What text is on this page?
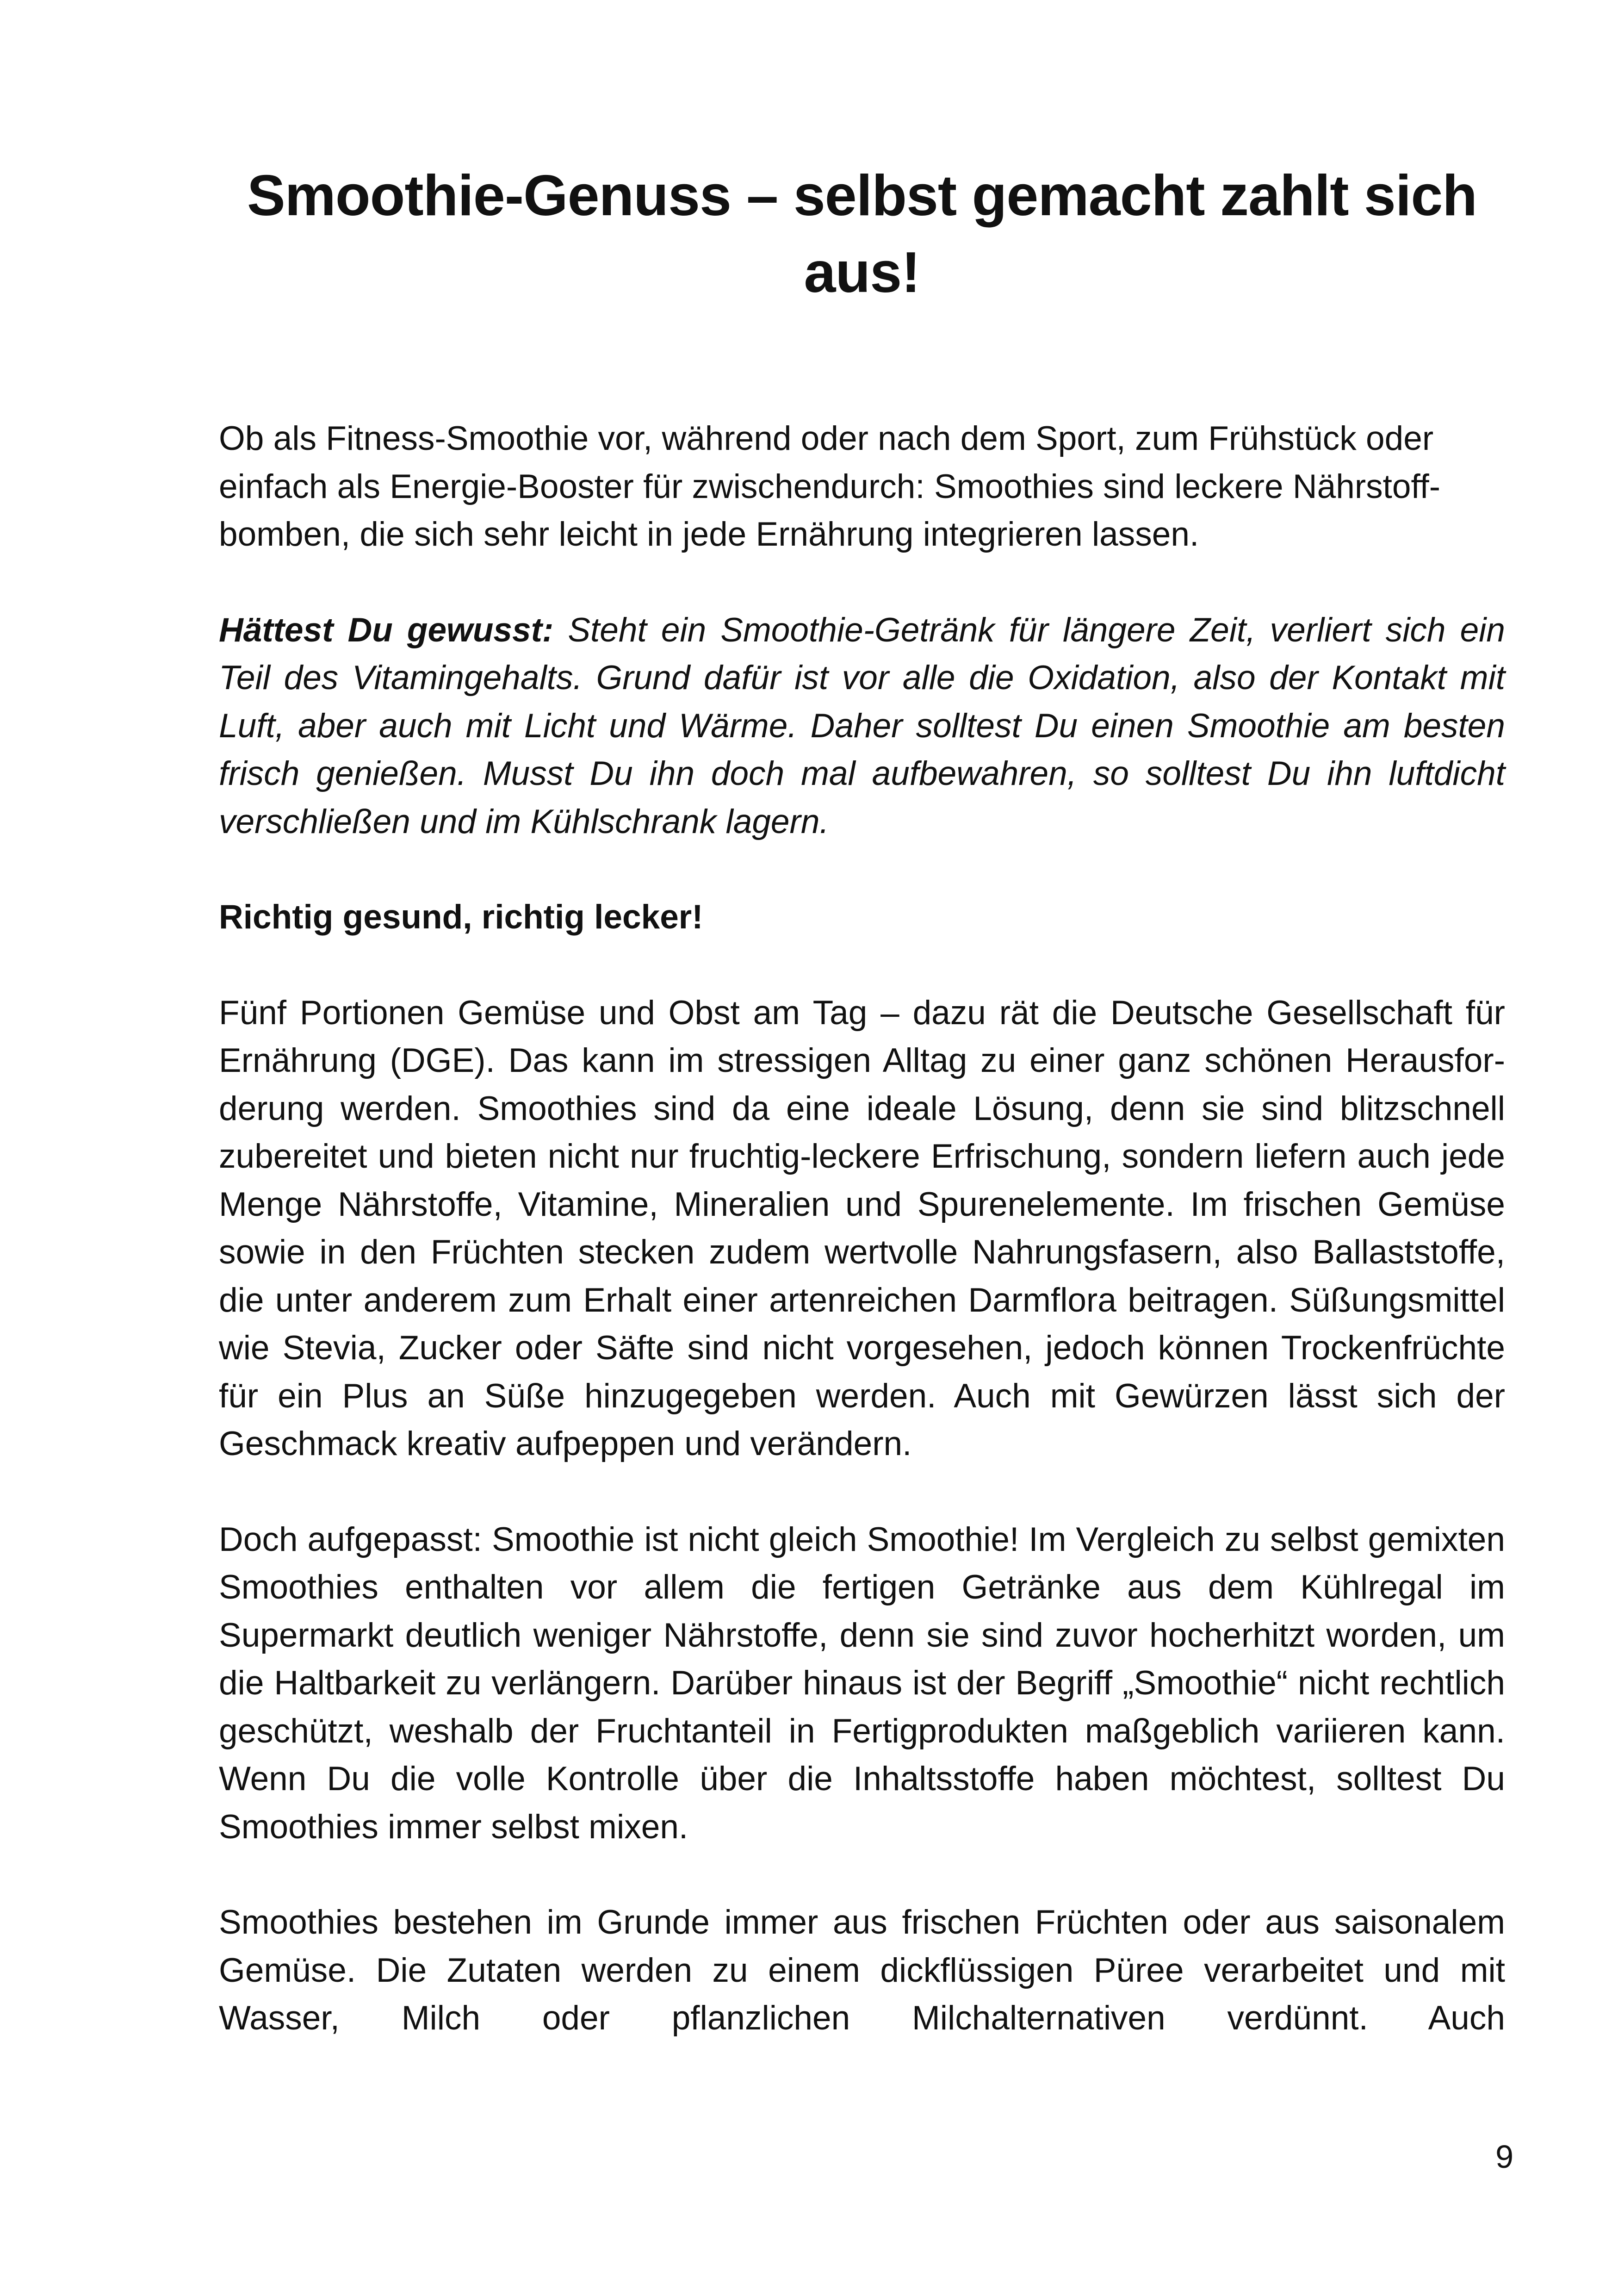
Smoothie-Genuss – selbst gemacht zahlt sich aus!

Ob als Fitness-Smoothie vor, während oder nach dem Sport, zum Frühstück oder einfach als Energie-Booster für zwischendurch: Smoothies sind leckere Nährstoffbomben, die sich sehr leicht in jede Ernährung integrieren lassen.

Hättest Du gewusst: Steht ein Smoothie-Getränk für längere Zeit, verliert sich ein Teil des Vitamingehalts. Grund dafür ist vor alle die Oxidation, also der Kontakt mit Luft, aber auch mit Licht und Wärme. Daher solltest Du einen Smoothie am besten frisch genießen. Musst Du ihn doch mal aufbewahren, so solltest Du ihn luftdicht verschließen und im Kühlschrank lagern.

Richtig gesund, richtig lecker!

Fünf Portionen Gemüse und Obst am Tag – dazu rät die Deutsche Gesellschaft für Ernährung (DGE). Das kann im stressigen Alltag zu einer ganz schönen Herausforderung werden. Smoothies sind da eine ideale Lösung, denn sie sind blitzschnell zubereitet und bieten nicht nur fruchtig-leckere Erfrischung, sondern liefern auch jede Menge Nährstoffe, Vitamine, Mineralien und Spurenelemente. Im frischen Gemüse sowie in den Früchten stecken zudem wertvolle Nahrungsfasern, also Ballaststoffe, die unter anderem zum Erhalt einer artenreichen Darmflora beitragen. Süßungsmittel wie Stevia, Zucker oder Säfte sind nicht vorgesehen, jedoch können Trockenfrüchte für ein Plus an Süße hinzugegeben werden. Auch mit Gewürzen lässt sich der Geschmack kreativ aufpeppen und verändern.

Doch aufgepasst: Smoothie ist nicht gleich Smoothie! Im Vergleich zu selbst gemixten Smoothies enthalten vor allem die fertigen Getränke aus dem Kühlregal im Supermarkt deutlich weniger Nährstoffe, denn sie sind zuvor hocherhitzt worden, um die Haltbarkeit zu verlängern. Darüber hinaus ist der Begriff „Smoothie“ nicht rechtlich geschützt, weshalb der Fruchtanteil in Fertigprodukten maßgeblich variieren kann. Wenn Du die volle Kontrolle über die Inhaltsstoffe haben möchtest, solltest Du Smoothies immer selbst mixen.

Smoothies bestehen im Grunde immer aus frischen Früchten oder aus saisonalem Gemüse. Die Zutaten werden zu einem dickflüssigen Püree verarbeitet und mit Wasser, Milch oder pflanzlichen Milchalternativen verdünnt. Auch

9
